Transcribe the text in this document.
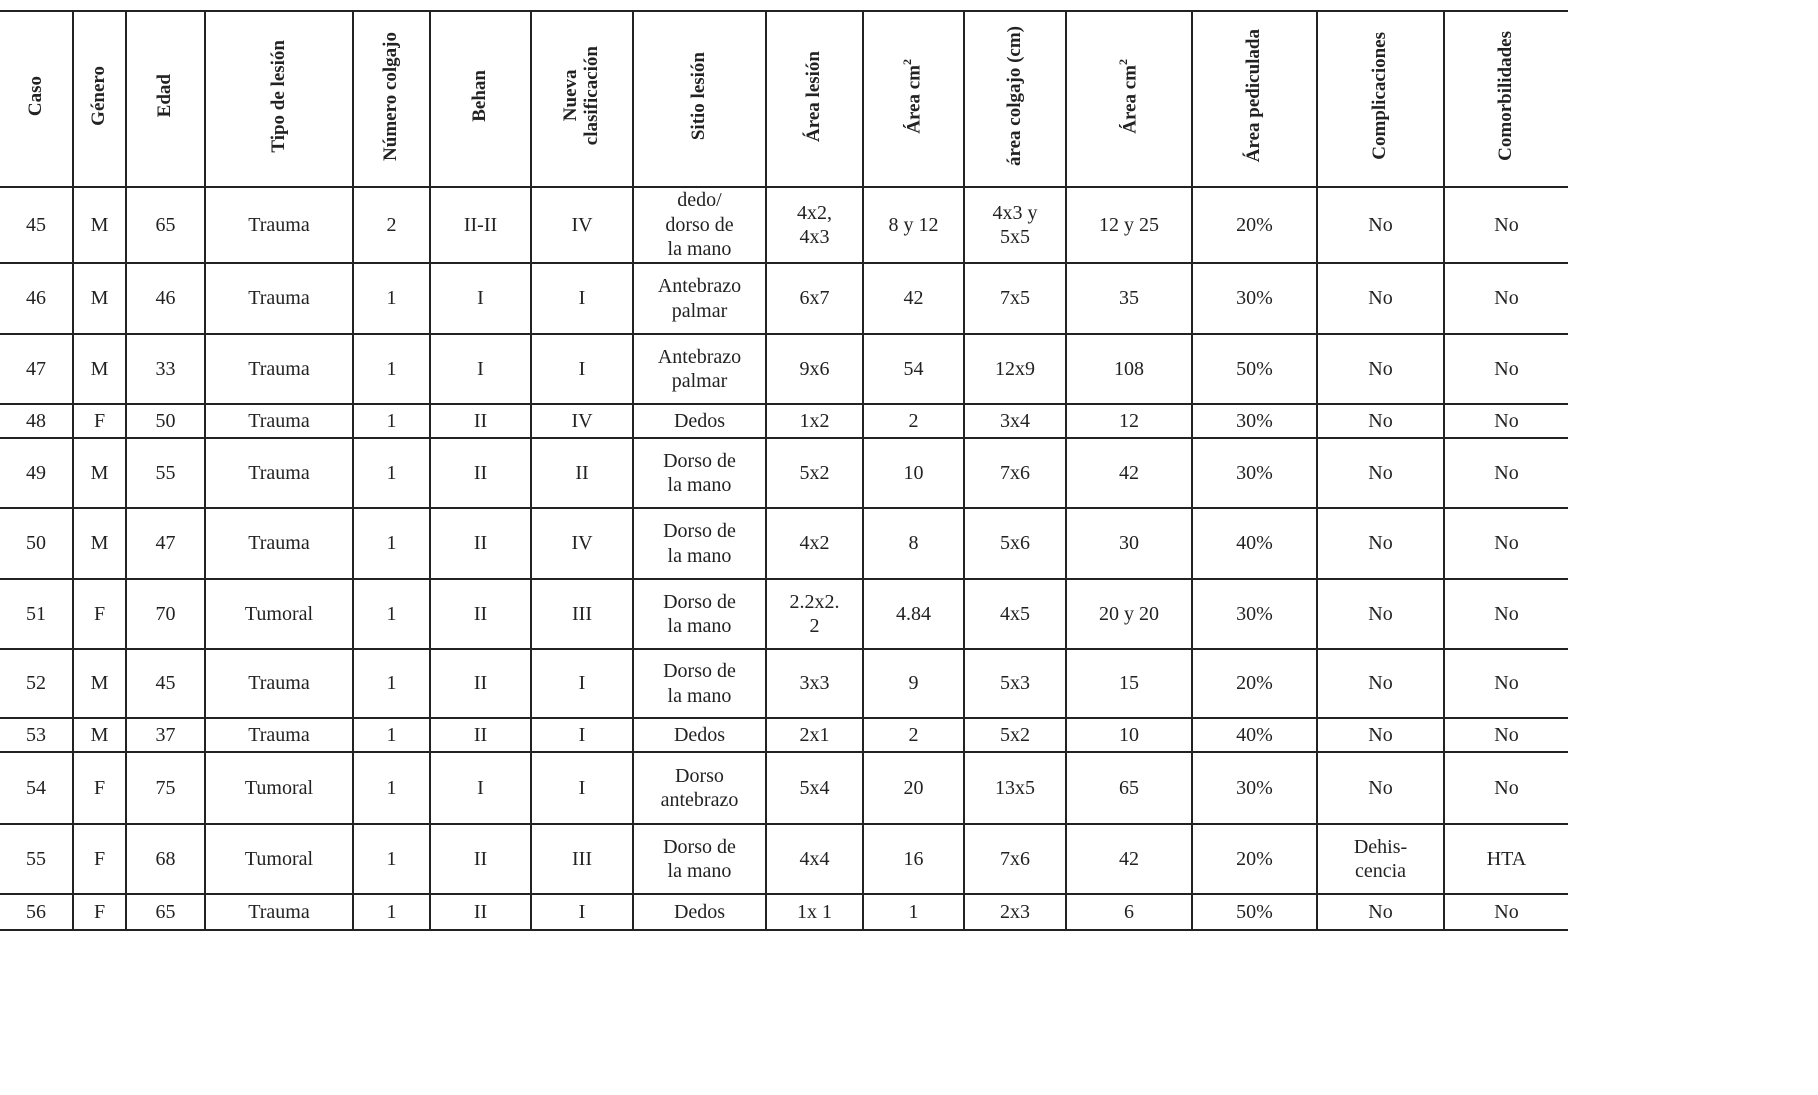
Caso	Género	Edad	Tipo de lesión	Número colgajo	Behan	Nueva
clasificación	Sitio lesión	Área lesión	Área $cm^2$	área colgajo (cm)	Área $cm^2$	Área pediculada	Complicaciones	Comorbilidades
45	M	65	Trauma	2	II-II	IV	dedo/
dorso de
la mano	4x2,
4x3	8 y 12	4x3 y
5x5	12 y 25	20%	No	No
46	M	46	Trauma	1	I	I	Antebrazo
palmar	6x7	42	7x5	35	30%	No	No
47	M	33	Trauma	1	I	I	Antebrazo
palmar	9x6	54	12x9	108	50%	No	No
48	F	50	Trauma	1	II	IV	Dedos	1x2	2	3x4	12	30%	No	No
49	M	55	Trauma	1	II	II	Dorso de
la mano	5x2	10	7x6	42	30%	No	No
50	M	47	Trauma	1	II	IV	Dorso de
la mano	4x2	8	5x6	30	40%	No	No
51	F	70	Tumoral	1	II	III	Dorso de
la mano	2.2x2.
2	4.84	4x5	20 y 20	30%	No	No
52	M	45	Trauma	1	II	I	Dorso de
la mano	3x3	9	5x3	15	20%	No	No
53	M	37	Trauma	1	II	I	Dedos	2x1	2	5x2	10	40%	No	No
54	F	75	Tumoral	1	I	I	Dorso
antebrazo	5x4	20	13x5	65	30%	No	No
55	F	68	Tumoral	1	II	III	Dorso de
la mano	4x4	16	7x6	42	20%	Dehis-
cencia	HTA
56	F	65	Trauma	1	II	I	Dedos	1x 1	1	2x3	6	50%	No	No
